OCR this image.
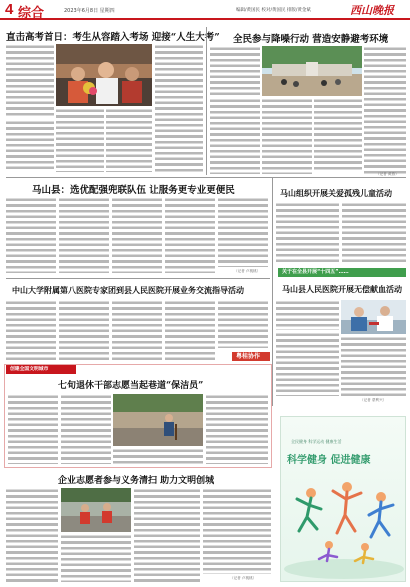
4 综合	2023年6月8日 星期四	编辑/黄国民 校对/黄国民 排版/黄金斌	西山晚报
直击高考首日：考生从容踏入考场 迎接“人生大考” 全民参与降噪行动 营造安静避考环境
（记者 黄燕）
马山县：选优配强兜联队伍 让服务更专业更便民
（记者 卢桃桃）
马山组织开展关爱孤残儿童活动
关于在全县开展“十四五”……
中山大学附属第八医院专家团到县人民医院开展业务交流指导活动
粤桂协作
马山县人民医院开展无偿献血活动
（记者 蒙利兴）
创建全国文明城市
七旬退休干部志愿当起巷道“保洁员”
企业志愿者参与义务清扫 助力文明创城
（记者 卢桃桃）
科学健身 促进健康
全民健身 科学运动 健康生活
